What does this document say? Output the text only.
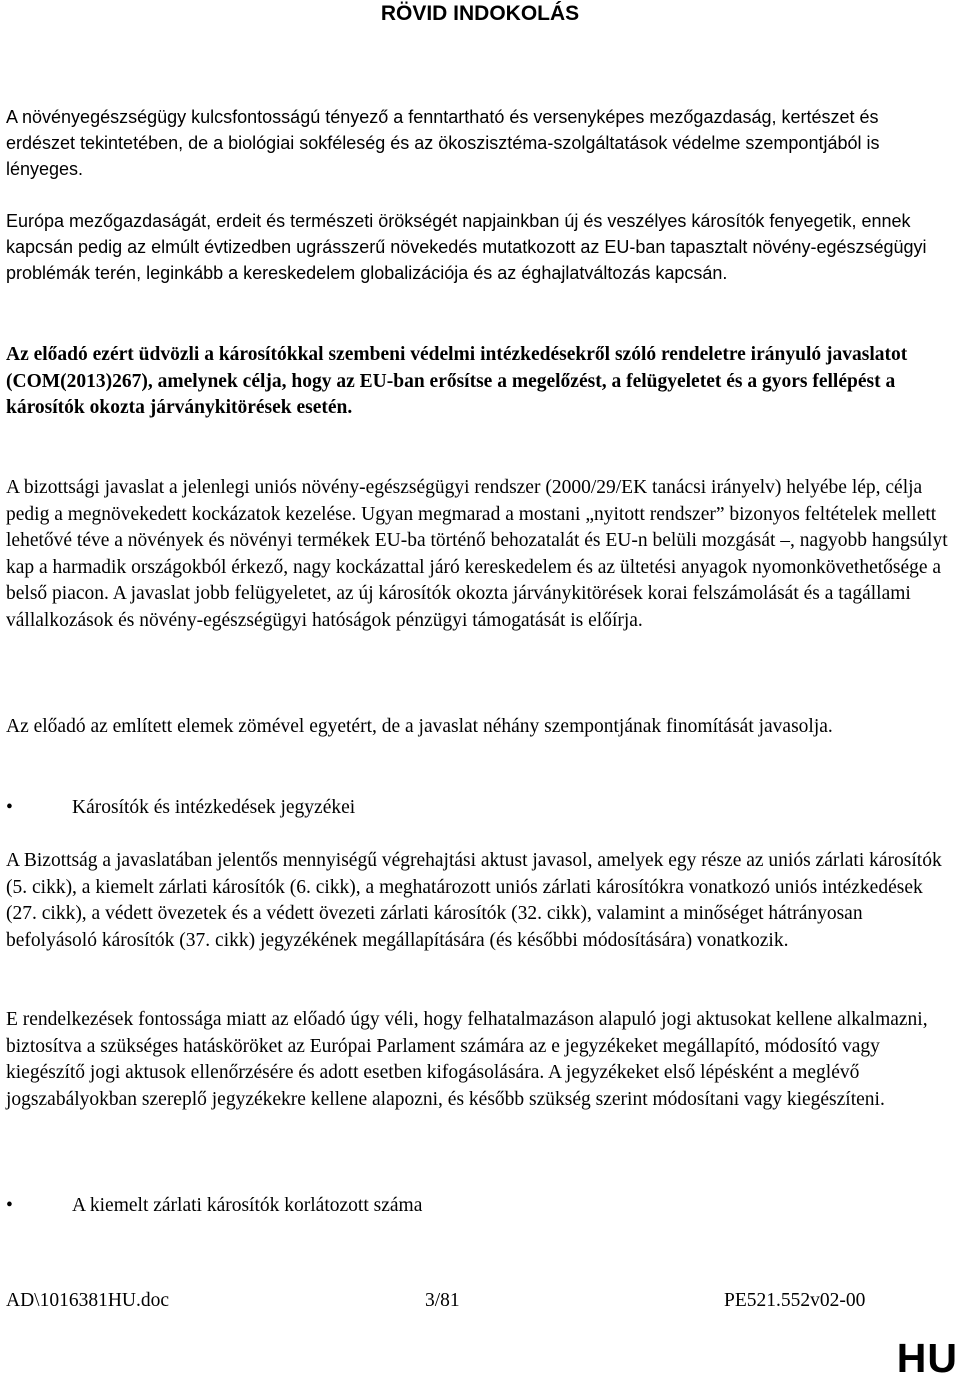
RÖVID INDOKOLÁS

A növényegészségügy kulcsfontosságú tényező a fenntartható és versenyképes mezőgazdaság, kertészet és erdészet tekintetében, de a biológiai sokféleség és az ökoszisztéma-szolgáltatások védelme szempontjából is lényeges.

Európa mezőgazdaságát, erdeit és természeti örökségét napjainkban új és veszélyes károsítók fenyegetik, ennek kapcsán pedig az elmúlt évtizedben ugrásszerű növekedés mutatkozott az EU-ban tapasztalt növény-egészségügyi problémák terén, leginkább a kereskedelem globalizációja és az éghajlatváltozás kapcsán.

Az előadó ezért üdvözli a károsítókkal szembeni védelmi intézkedésekről szóló rendeletre irányuló javaslatot (COM(2013)267), amelynek célja, hogy az EU-ban erősítse a megelőzést, a felügyeletet és a gyors fellépést a károsítók okozta járványkitörések esetén.

A bizottsági javaslat a jelenlegi uniós növény-egészségügyi rendszer (2000/29/EK tanácsi irányelv) helyébe lép, célja pedig a megnövekedett kockázatok kezelése. Ugyan megmarad a mostani „nyitott rendszer” bizonyos feltételek mellett lehetővé téve a növények és növényi termékek EU-ba történő behozatalát és EU-n belüli mozgását –, nagyobb hangsúlyt kap a harmadik országokból érkező, nagy kockázattal járó kereskedelem és az ültetési anyagok nyomonkövethetősége a belső piacon. A javaslat jobb felügyeletet, az új károsítók okozta járványkitörések korai felszámolását és a tagállami vállalkozások és növény-egészségügyi hatóságok pénzügyi támogatását is előírja.

Az előadó az említett elemek zömével egyetért, de a javaslat néhány szempontjának finomítását javasolja.

•	Károsítók és intézkedések jegyzékei

A Bizottság a javaslatában jelentős mennyiségű végrehajtási aktust javasol, amelyek egy része az uniós zárlati károsítók (5. cikk), a kiemelt zárlati károsítók (6. cikk), a meghatározott uniós zárlati károsítókra vonatkozó uniós intézkedések (27. cikk), a védett övezetek és a védett övezeti zárlati károsítók (32. cikk), valamint a minőséget hátrányosan befolyásoló károsítók (37. cikk) jegyzékének megállapítására (és későbbi módosítására) vonatkozik.

E rendelkezések fontossága miatt az előadó úgy véli, hogy felhatalmazáson alapuló jogi aktusokat kellene alkalmazni, biztosítva a szükséges hatásköröket az Európai Parlament számára az e jegyzékeket megállapító, módosító vagy kiegészítő jogi aktusok ellenőrzésére és adott esetben kifogásolására. A jegyzékeket első lépésként a meglévő jogszabályokban szereplő jegyzékekre kellene alapozni, és később szükség szerint módosítani vagy kiegészíteni.

•	A kiemelt zárlati károsítók korlátozott száma
AD\1016381HU.doc	3/81	PE521.552v02-00
HU
